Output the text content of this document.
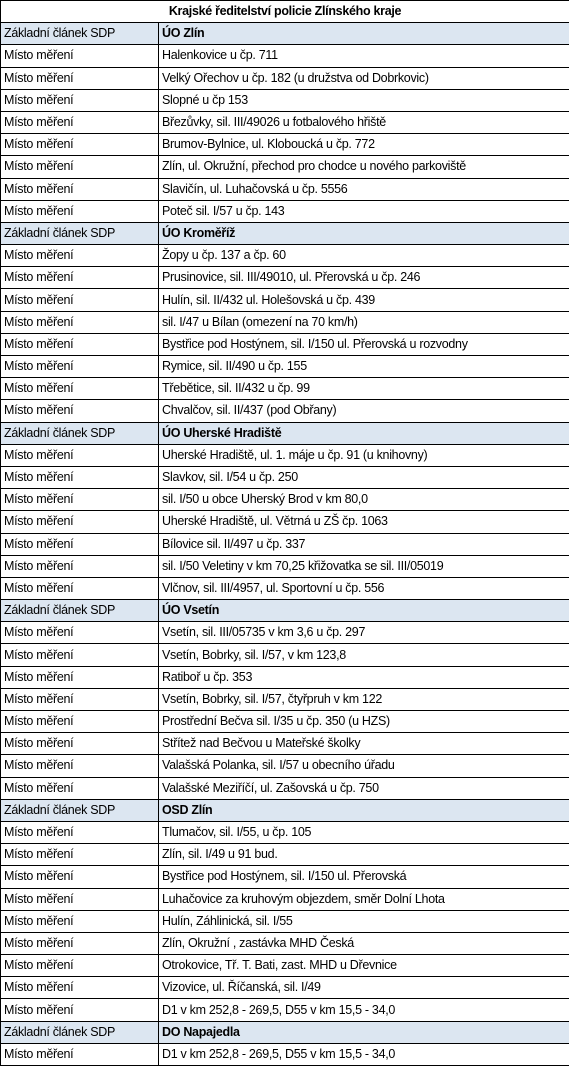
Krajské ředitelství policie Zlínského kraje	
Základní článek SDP	ÚO Zlín
Místo měření	Halenkovice u čp. 711
Místo měření	Velký Ořechov u čp. 182 (u družstva od Dobrkovic)
Místo měření	Slopné u čp 153
Místo měření	Březůvky, sil. III/49026 u fotbalového hřiště
Místo měření	Brumov-Bylnice, ul. Kloboucká u čp. 772
Místo měření	Zlín, ul. Okružní, přechod pro chodce u nového parkoviště
Místo měření	Slavičín, ul. Luhačovská u čp. 5556
Místo měření	Poteč sil. I/57 u čp. 143
Základní článek SDP	ÚO Kroměříž
Místo měření	Žopy u čp. 137 a čp. 60
Místo měření	Prusinovice, sil. III/49010, ul. Přerovská u čp. 246
Místo měření	Hulín, sil. II/432 ul. Holešovská u čp. 439
Místo měření	sil. I/47 u Bílan (omezení na 70 km/h)
Místo měření	Bystřice pod Hostýnem, sil. I/150 ul. Přerovská u rozvodny
Místo měření	Rymice, sil. II/490 u čp. 155
Místo měření	Třebětice, sil. II/432 u čp. 99
Místo měření	Chvalčov, sil. II/437 (pod Obřany)
Základní článek SDP	ÚO Uherské Hradiště
Místo měření	Uherské Hradiště, ul. 1. máje u čp. 91 (u knihovny)
Místo měření	Slavkov, sil. I/54 u čp. 250
Místo měření	sil. I/50 u obce Uherský Brod v km 80,0
Místo měření	Uherské Hradiště, ul. Větrná u ZŠ čp. 1063
Místo měření	Bílovice sil. II/497 u čp. 337
Místo měření	sil. I/50 Veletiny v km 70,25 křižovatka se sil. III/05019
Místo měření	Vlčnov, sil. III/4957, ul. Sportovní u čp. 556
Základní článek SDP	ÚO Vsetín
Místo měření	Vsetín, sil. III/05735 v km 3,6 u čp. 297
Místo měření	Vsetín, Bobrky, sil. I/57, v km 123,8
Místo měření	Ratiboř u čp. 353
Místo měření	Vsetín, Bobrky, sil. I/57, čtyřpruh v km 122
Místo měření	Prostřední Bečva sil. I/35 u čp. 350 (u HZS)
Místo měření	Střítež nad Bečvou u Mateřské školky
Místo měření	Valašská Polanka, sil. I/57 u obecního úřadu
Místo měření	Valašské Meziříčí, ul. Zašovská u čp. 750
Základní článek SDP	OSD Zlín
Místo měření	Tlumačov, sil. I/55, u čp. 105
Místo měření	Zlín, sil. I/49 u 91 bud.
Místo měření	Bystřice pod Hostýnem, sil. I/150 ul. Přerovská
Místo měření	Luhačovice za kruhovým objezdem, směr Dolní Lhota
Místo měření	Hulín, Záhlinická, sil. I/55
Místo měření	Zlín, Okružní , zastávka MHD Česká
Místo měření	Otrokovice, Tř. T. Bati, zast. MHD u Dřevnice
Místo měření	Vizovice, ul. Říčanská, sil. I/49
Místo měření	D1 v km 252,8 - 269,5, D55 v km 15,5 - 34,0
Základní článek SDP	DO Napajedla
Místo měření	D1 v km 252,8 - 269,5, D55 v km 15,5 - 34,0
